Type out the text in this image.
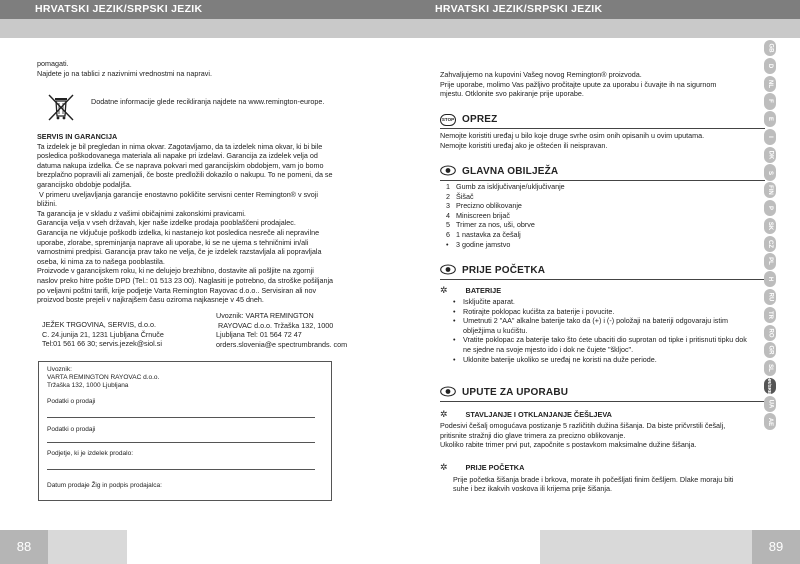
HRVATSKI JEZIK/SRPSKI JEZIK
pomagati.
Najdete jo na tablici z nazivnimi vrednostmi na napravi.
Dodatne informacije glede recikliranja najdete na www.remington-europe.
SERVIS IN GARANCIJA
Ta izdelek je bil pregledan in nima okvar. Zagotavljamo, da ta izdelek nima okvar, ki bi bile
posledica poškodovanega materiala ali napake pri izdelavi. Garancija za izdelek velja od
datuma nakupa izdelka. Če se naprava pokvari med garancijskim obdobjem, vam jo bomo
brezplačno popravili ali zamenjali, če boste predložili dokazilo o nakupu. To ne pomeni, da se
garancijsko obdobje podaljša.
V primeru uveljavljanja garancije enostavno pokličite servisni center Remington® v svoji
bližini.
Ta garancija je v skladu z vašimi običajnimi zakonskimi pravicami.
Garancija velja v vseh državah, kjer naše izdelke prodaja pooblaščeni prodajalec.
Garancija ne vključuje poškodb izdelka, ki nastanejo kot posledica nesreče ali nepravilne
uporabe, zlorabe, spreminjanja naprave ali uporabe, ki se ne ujema s tehničnimi in/ali
varnostnimi predpisi. Garancija prav tako ne velja, če je izdelek razstavljala ali popravljala
oseba, ki nima za to našega pooblastila.
Proizvode v garancijskem roku, ki ne delujejo brezhibno, dostavite ali pošljite na zgornji
naslov preko hitre pošte DPD (Tel.: 01 513 23 00). Naglasiti je potrebno, da stroške pošiljanja
po veljavni poštni tarifi, krije podjetje Varta Remington Rayovac d.o.o.. Servisiran ali nov
proizvod boste prejeli v najkrajšem času oziroma najkasneje v 45 dneh.
JEŽEK TRGOVINA, SERVIS, d.o.o.
C. 24.junija 21, 1231 Ljubljana Črnuče
Tel:01 561 66 30; servis.jezek@siol.si
Uvoznik: VARTA REMINGTON
RAYOVAC d.o.o. Tržaška 132, 1000
Ljubljana Tel: 01 564 72 47
orders.slovenia@e spectrumbrands. com
Uvoznik:
VARTA REMINGTON RAYOVAC d.o.o.
Tržaška 132, 1000 Ljubljana
Podatki o prodaji
Podatki o prodaji
Podjetje, ki je izdelek prodalo:
Datum prodaje Žig in podpis prodajalca:
88
HRVATSKI JEZIK/SRPSKI JEZIK
Zahvaljujemo na kupovini Vašeg novog Remington® proizvoda.
Prije uporabe, molimo Vas pažljivo pročitajte upute za uporabu i čuvajte ih na sigurnom
mjestu. Otklonite svo pakiranje prije uporabe.
STOP OPREZ
Nemojte koristiti uređaj u bilo koje druge svrhe osim onih opisanih u ovim uputama.
Nemojte koristiti uređaj ako je oštećen ili neispravan.
GLAVNA OBILJEŽA
1 Gumb za isključivanje/uključivanje
2 Šišač
3 Precizno oblikovanje
4 Miniscreen brijač
5 Trimer za nos, uši, obrve
6 1 nastavka za češalj
•	3 godine jamstvo
PRIJE POČETKA
✲ BATERIJE
• Isključite aparat.
• Rotirajte poklopac kućišta za baterije i povucite.
• Umetnuti 2 "AA" alkalne baterije tako da (+) i (-) položaji na bateriji odgovaraju istim oblježjima u kućištu.
• Vratite poklopac za baterije tako što ćete ubaciti dio suprotan od tipke i pritisnuti tipku dok ne sjedne na svoje mjesto ido i dok ne čujete "škljoc".
• Uklonite baterije ukoliko se uređaj ne koristi na duže periode.
UPUTE ZA UPORABU
✲ STAVLJANJE I OTKLANJANJE ČEŠLJEVA
Podesivi češalj omogućava postizanje 5 različitih dužina šišanja. Da biste pričvrstili češalj,
pritisnite stražnji dio glave trimera za precizno oblikovanje.
Ukoliko rabite trimer prvi put, započnite s postavkom maksimalne dužine šišanja.
✲ PRIJE POČETKA
Prije početka šišanja brade i brkova, morate ih počešljati finim češljem. Dlake moraju biti
suhe i bez ikakvih voskova ili krijema prije šišanja.
GB
D
NL
F
E
I
DK
S
FIN
P
SK
CZ
PL
H
RU
TR
RO
GR
SL
HR/SRB
UA
AE
89
